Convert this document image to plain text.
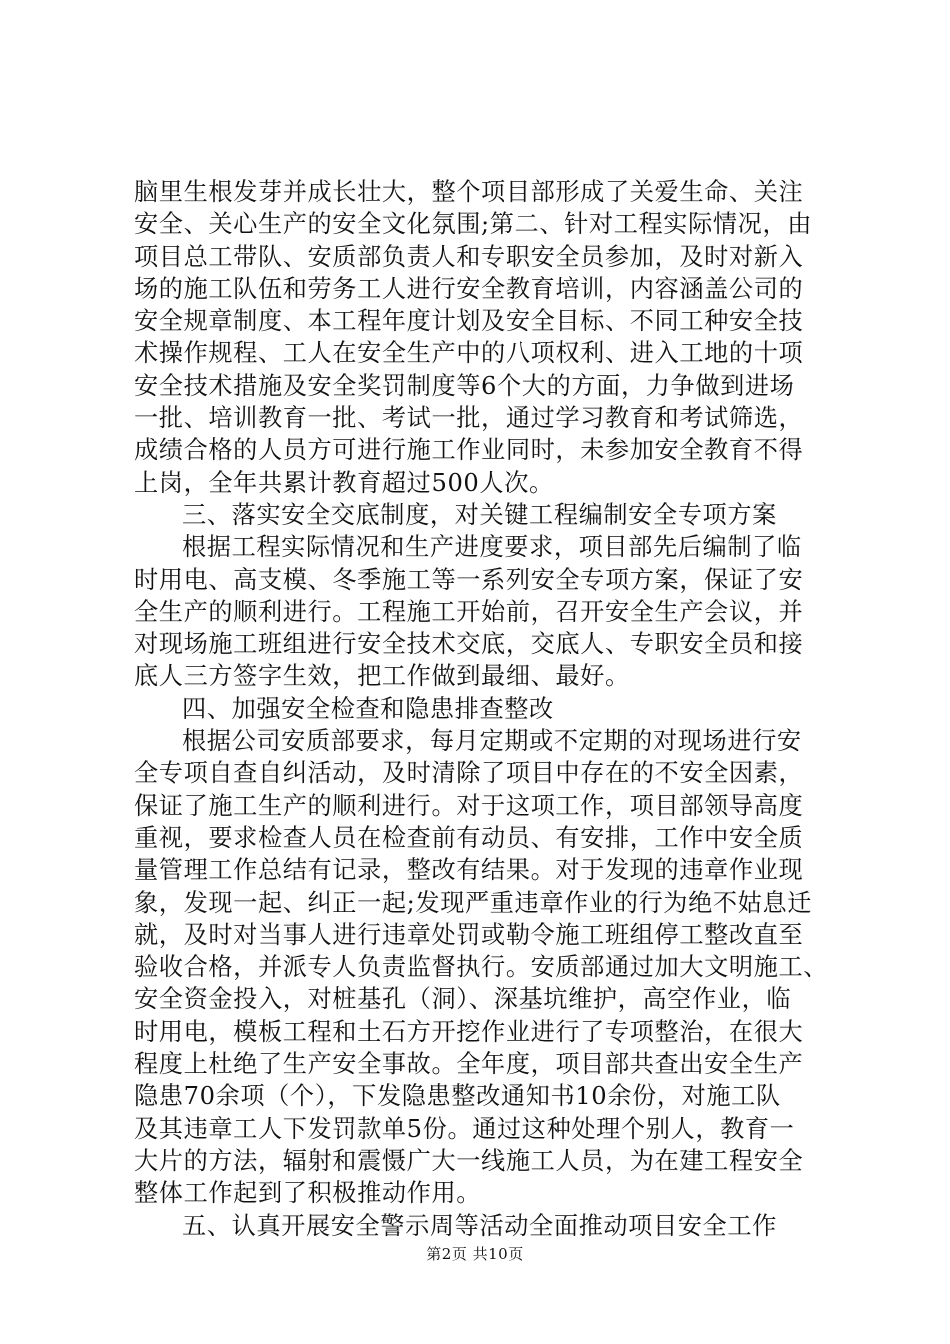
脑里生根发芽并成长壮大，整个项目部形成了关爱生命、关注
安全、关心生产的安全文化氛围;第二、针对工程实际情况，由
项目总工带队、安质部负责人和专职安全员参加，及时对新入
场的施工队伍和劳务工人进行安全教育培训，内容涵盖公司的
安全规章制度、本工程年度计划及安全目标、不同工种安全技
术操作规程、工人在安全生产中的八项权利、进入工地的十项
安全技术措施及安全奖罚制度等6个大的方面，力争做到进场
一批、培训教育一批、考试一批，通过学习教育和考试筛选，
成绩合格的人员方可进行施工作业同时，未参加安全教育不得
上岗，全年共累计教育超过500人次。
三、落实安全交底制度，对关键工程编制安全专项方案
根据工程实际情况和生产进度要求，项目部先后编制了临
时用电、高支模、冬季施工等一系列安全专项方案，保证了安
全生产的顺利进行。工程施工开始前，召开安全生产会议，并
对现场施工班组进行安全技术交底，交底人、专职安全员和接
底人三方签字生效，把工作做到最细、最好。
四、加强安全检查和隐患排查整改
根据公司安质部要求，每月定期或不定期的对现场进行安
全专项自查自纠活动，及时清除了项目中存在的不安全因素，
保证了施工生产的顺利进行。对于这项工作，项目部领导高度
重视，要求检查人员在检查前有动员、有安排，工作中安全质
量管理工作总结有记录，整改有结果。对于发现的违章作业现
象，发现一起、纠正一起;发现严重违章作业的行为绝不姑息迁
就，及时对当事人进行违章处罚或勒令施工班组停工整改直至
验收合格，并派专人负责监督执行。安质部通过加大文明施工、
安全资金投入，对桩基孔（洞）、深基坑维护，高空作业，临
时用电，模板工程和土石方开挖作业进行了专项整治，在很大
程度上杜绝了生产安全事故。全年度，项目部共查出安全生产
隐患70余项（个），下发隐患整改通知书10余份，对施工队
及其违章工人下发罚款单5份。通过这种处理个别人，教育一
大片的方法，辐射和震慑广大一线施工人员，为在建工程安全
整体工作起到了积极推动作用。
五、认真开展安全警示周等活动全面推动项目安全工作
第2页 共10页
